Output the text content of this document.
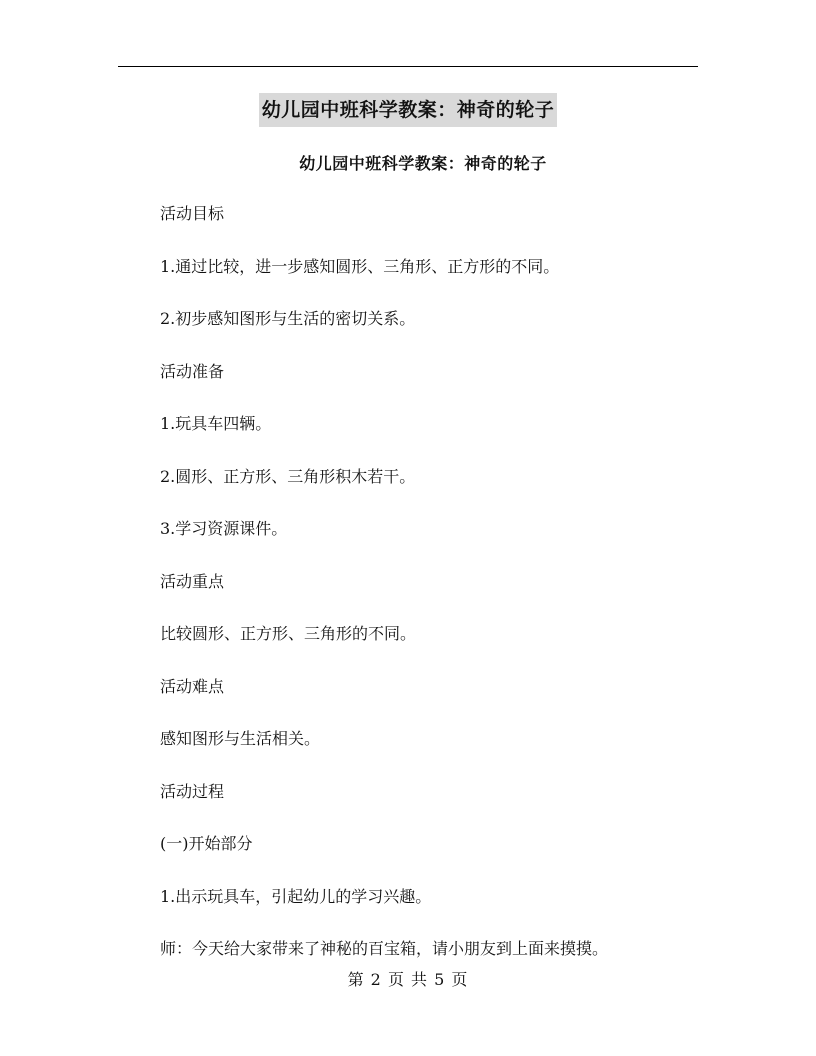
幼儿园中班科学教案：神奇的轮子
幼儿园中班科学教案：神奇的轮子
活动目标
1.通过比较，进一步感知圆形、三角形、正方形的不同。
2.初步感知图形与生活的密切关系。
活动准备
1.玩具车四辆。
2.圆形、正方形、三角形积木若干。
3.学习资源课件。
活动重点
比较圆形、正方形、三角形的不同。
活动难点
感知图形与生活相关。
活动过程
(一)开始部分
1.出示玩具车，引起幼儿的学习兴趣。
师：今天给大家带来了神秘的百宝箱，请小朋友到上面来摸摸。
第 2 页 共 5 页
